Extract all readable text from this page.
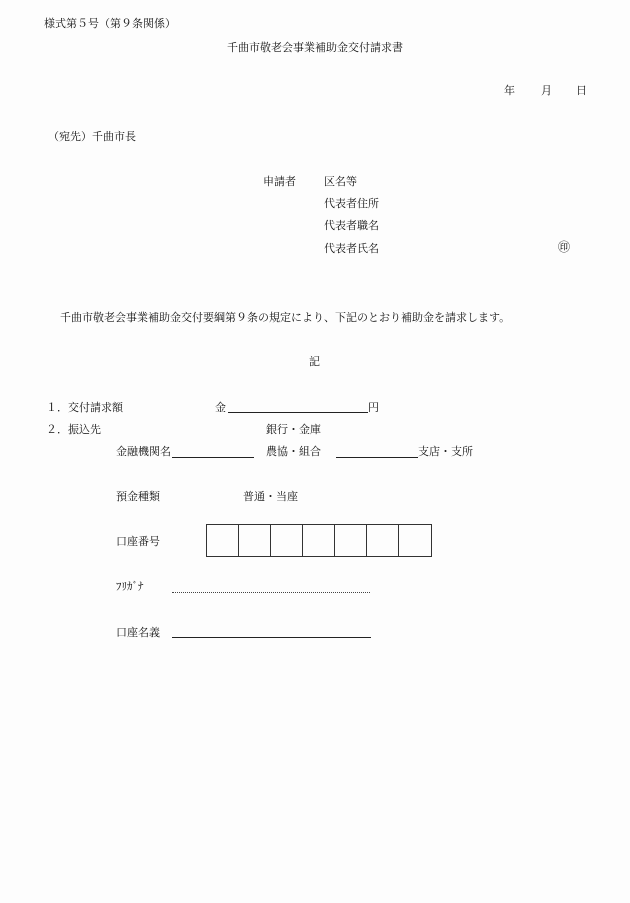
様式第５号（第９条関係）
千曲市敬老会事業補助金交付請求書
年 月 日
（宛先）千曲市長
申請者	区名等
代表者住所
代表者職名
代表者氏名	㊞
千曲市敬老会事業補助金交付要綱第９条の規定により、下記のとおり補助金を請求します。
記
１．交付請求額	金	円
２．振込先	銀行・金庫
金融機関名	農協・組合	支店・支所
預金種類	普通・当座
口座番号
ﾌﾘｶﾞﾅ
口座名義
